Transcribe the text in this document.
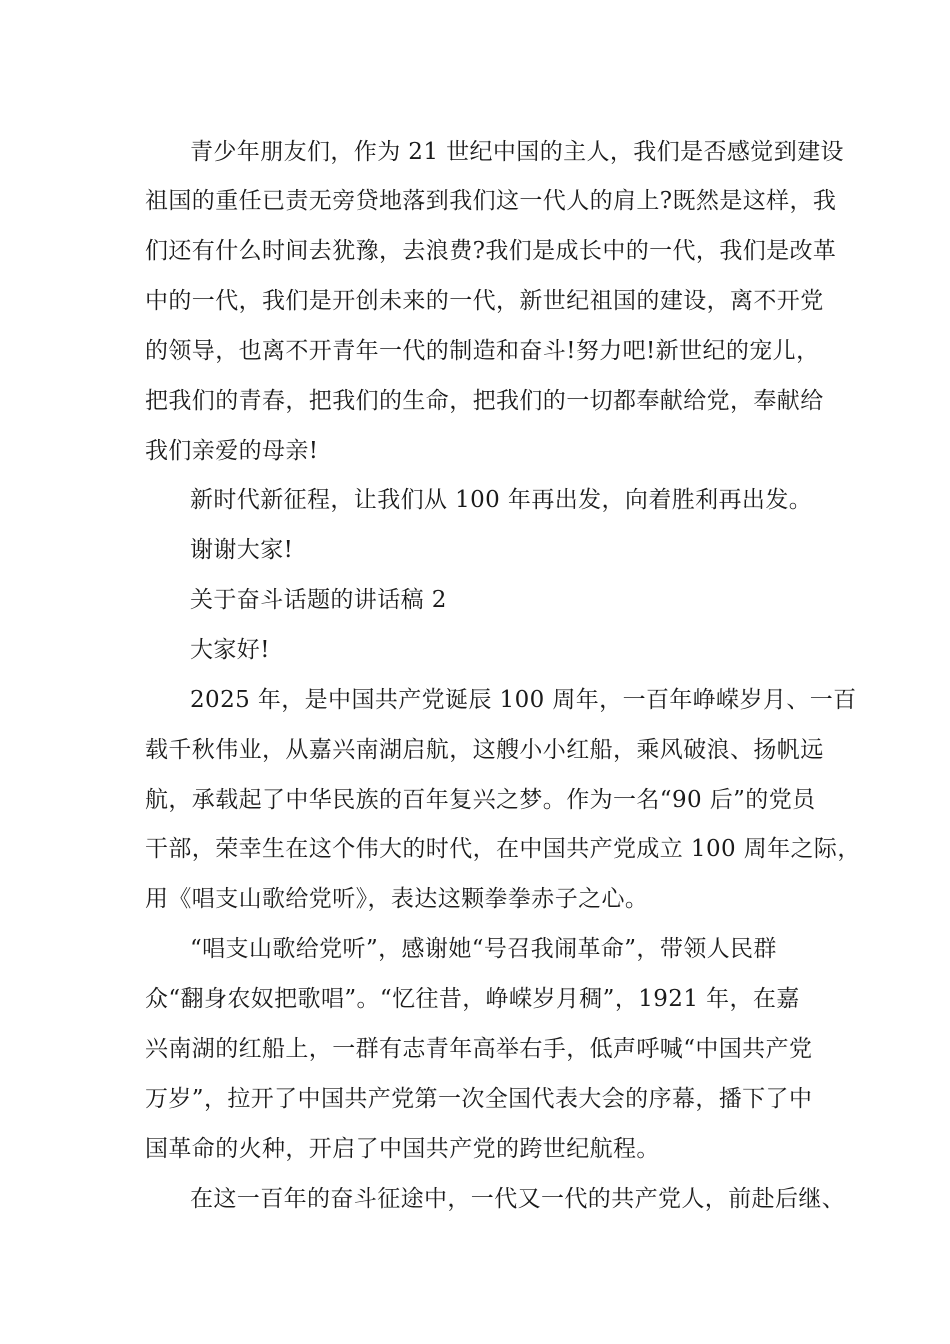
青少年朋友们，作为 21 世纪中国的主人，我们是否感觉到建设
祖国的重任已责无旁贷地落到我们这一代人的肩上?既然是这样，我
们还有什么时间去犹豫，去浪费?我们是成长中的一代，我们是改革
中的一代，我们是开创未来的一代，新世纪祖国的建设，离不开党
的领导，也离不开青年一代的制造和奋斗!努力吧!新世纪的宠儿，
把我们的青春，把我们的生命，把我们的一切都奉献给党，奉献给
我们亲爱的母亲!
新时代新征程，让我们从 100 年再出发，向着胜利再出发。
谢谢大家!
关于奋斗话题的讲话稿 2
大家好!
2025 年，是中国共产党诞辰 100 周年，一百年峥嵘岁月、一百
载千秋伟业，从嘉兴南湖启航，这艘小小红船，乘风破浪、扬帆远
航，承载起了中华民族的百年复兴之梦。作为一名“90 后”的党员
干部，荣幸生在这个伟大的时代，在中国共产党成立 100 周年之际，
用《唱支山歌给党听》，表达这颗拳拳赤子之心。
“唱支山歌给党听”，感谢她“号召我闹革命”，带领人民群
众“翻身农奴把歌唱”。“忆往昔，峥嵘岁月稠”，1921 年，在嘉
兴南湖的红船上，一群有志青年高举右手，低声呼喊“中国共产党
万岁”，拉开了中国共产党第一次全国代表大会的序幕，播下了中
国革命的火种，开启了中国共产党的跨世纪航程。
在这一百年的奋斗征途中，一代又一代的共产党人，前赴后继、
